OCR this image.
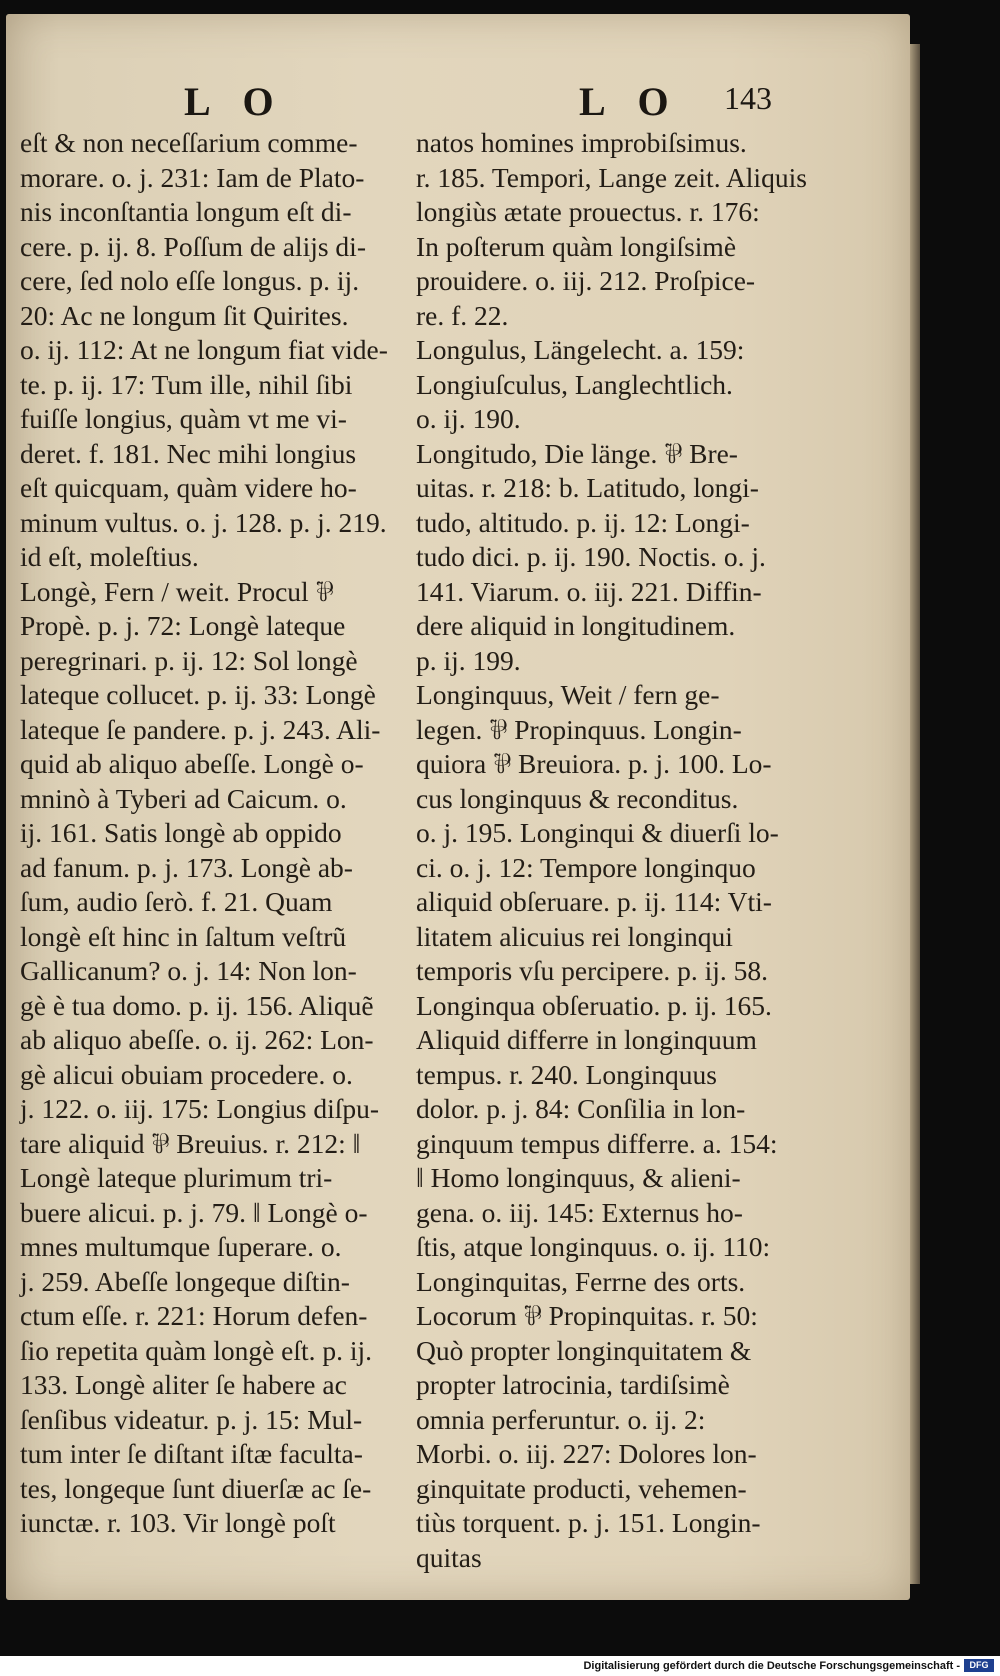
L O	L O 143
eſt & non neceſſarium comme-
morare. o. j. 231: Iam de Plato-
nis inconſtantia longum eſt di-
cere. p. ij. 8. Poſſum de alijs di-
cere, ſed nolo eſſe longus. p. ij.
20: Ac ne longum ſit Quirites.
o. ij. 112: At ne longum fiat vide-
te. p. ij. 17: Tum ille, nihil ſibi
fuiſſe longius, quàm vt me vi-
deret. f. 181. Nec mihi longius
eſt quicquam, quàm videre ho-
minum vultus. o. j. 128. p. j. 219.
id eſt, moleſtius.
Longè, Fern / weit. Procul ⅌
Propè. p. j. 72: Longè lateque
peregrinari. p. ij. 12: Sol longè
lateque collucet. p. ij. 33: Longè
lateque ſe pandere. p. j. 243. Ali-
quid ab aliquo abeſſe. Longè o-
mninò à Tyberi ad Caicum. o.
ij. 161. Satis longè ab oppido
ad fanum. p. j. 173. Longè ab-
ſum, audio ſerò. f. 21. Quam
longè eſt hinc in ſaltum veſtrũ
Gallicanum? o. j. 14: Non lon-
gè è tua domo. p. ij. 156. Aliquẽ
ab aliquo abeſſe. o. ij. 262: Lon-
gè alicui obuiam procedere. o.
j. 122. o. iij. 175: Longius diſpu-
tare aliquid ⅌ Breuius. r. 212: ‖
Longè lateque plurimum tri-
buere alicui. p. j. 79. ‖ Longè o-
mnes multumque ſuperare. o.
j. 259. Abeſſe longeque diſtin-
ctum eſſe. r. 221: Horum defen-
ſio repetita quàm longè eſt. p. ij.
133. Longè aliter ſe habere ac
ſenſibus videatur. p. j. 15: Mul-
tum inter ſe diſtant iſtæ faculta-
tes, longeque ſunt diuerſæ ac ſe-
iunctæ. r. 103. Vir longè poſt
natos homines improbiſsimus.
r. 185. Tempori, Lange zeit. Aliquis
longiùs ætate prouectus. r. 176:
In poſterum quàm longiſsimè
prouidere. o. iij. 212. Proſpice-
re. f. 22.
Longulus, Längelecht. a. 159:
Longiuſculus, Langlechtlich.
o. ij. 190.
Longitudo, Die länge. ⅌ Bre-
uitas. r. 218: b. Latitudo, longi-
tudo, altitudo. p. ij. 12: Longi-
tudo dici. p. ij. 190. Noctis. o. j.
141. Viarum. o. iij. 221. Diffin-
dere aliquid in longitudinem.
p. ij. 199.
Longinquus, Weit / fern ge-
legen. ⅌ Propinquus. Longin-
quiora ⅌ Breuiora. p. j. 100. Lo-
cus longinquus & reconditus.
o. j. 195. Longinqui & diuerſi lo-
ci. o. j. 12: Tempore longinquo
aliquid obſeruare. p. ij. 114: Vti-
litatem alicuius rei longinqui
temporis vſu percipere. p. ij. 58.
Longinqua obſeruatio. p. ij. 165.
Aliquid differre in longinquum
tempus. r. 240. Longinquus
dolor. p. j. 84: Conſilia in lon-
ginquum tempus differre. a. 154:
‖ Homo longinquus, & alieni-
gena. o. iij. 145: Externus ho-
ſtis, atque longinquus. o. ij. 110:
Longinquitas, Ferrne des orts.
Locorum ⅌ Propinquitas. r. 50:
Quò propter longinquitatem &
propter latrocinia, tardiſsimè
omnia perferuntur. o. ij. 2:
Morbi. o. iij. 227: Dolores lon-
ginquitate producti, vehemen-
tiùs torquent. p. j. 151. Longin-
quitas
Digitalisierung gefördert durch die Deutsche Forschungsgemeinschaft -	DFG
